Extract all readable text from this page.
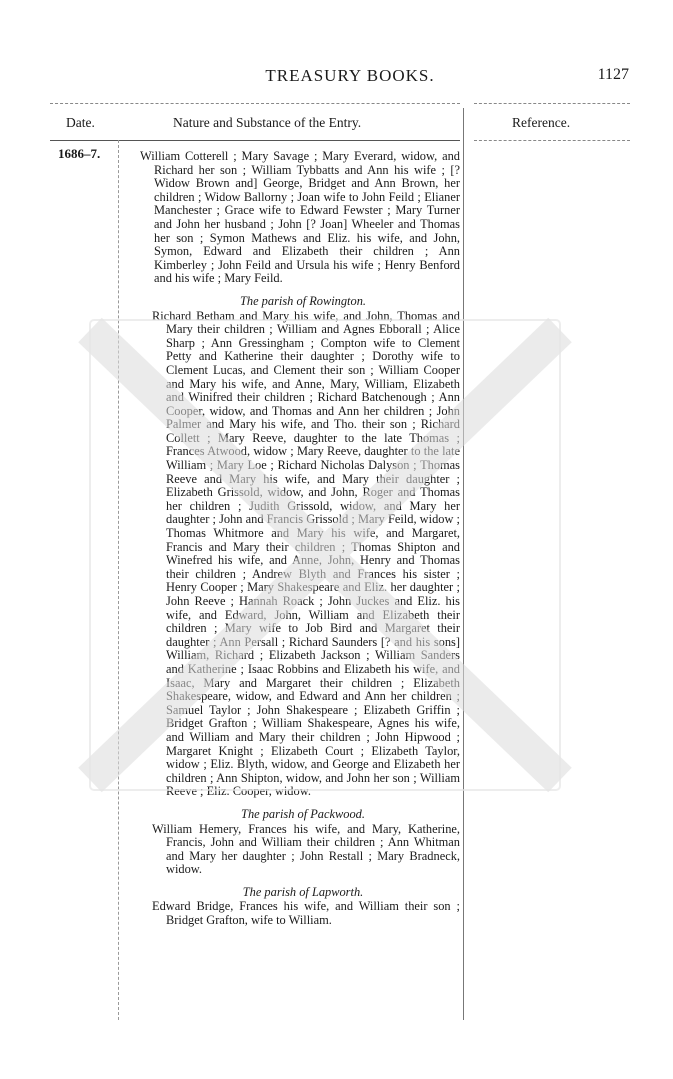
TREASURY BOOKS.	1127
Date.	Nature and Substance of the Entry.	Reference.
1686–7.	William Cotterell ; Mary Savage ; Mary Everard, widow, and Richard her son ; William Tybbatts and Ann his wife ; [? Widow Brown and] George, Bridget and Ann Brown, her children ; Widow Ballorny ; Joan wife to John Feild ; Elianer Manchester ; Grace wife to Edward Fewster ; Mary Turner and John her husband ; John [? Joan] Wheeler and Thomas her son ; Symon Mathews and Eliz. his wife, and John, Symon, Edward and Elizabeth their children ; Ann Kimberley ; John Feild and Ursula his wife ; Henry Benford and his wife ; Mary Feild.

The parish of Rowington.

Richard Betham and Mary his wife, and John, Thomas and Mary their children ; William and Agnes Ebborall ; Alice Sharp ; Ann Gressingham ; Compton wife to Clement Petty and Katherine their daughter ; Dorothy wife to Clement Lucas, and Clement their son ; William Cooper and Mary his wife, and Anne, Mary, William, Elizabeth and Winifred their children ; Richard Batchenough ; Ann Cooper, widow, and Thomas and Ann her children ; John Palmer and Mary his wife, and Tho. their son ; Richard Collett ; Mary Reeve, daughter to the late Thomas ; Frances Atwood, widow ; Mary Reeve, daughter to the late William ; Mary Loe ; Richard Nicholas Dalyson ; Thomas Reeve and Mary his wife, and Mary their daughter ; Elizabeth Grissold, widow, and John, Roger and Thomas her children ; Judith Grissold, widow, and Mary her daughter ; John and Francis Grissold ; Mary Feild, widow ; Thomas Whitmore and Mary his wife, and Margaret, Francis and Mary their children ; Thomas Shipton and Winefred his wife, and Anne, John, Henry and Thomas their children ; Andrew Blyth and Frances his sister ; Henry Cooper ; Mary Shakespeare and Eliz. her daughter ; John Reeve ; Hannah Roack ; John Juckes and Eliz. his wife, and Edward, John, William and Elizabeth their children ; Mary wife to Job Bird and Margaret their daughter ; Ann Persall ; Richard Saunders [? and his sons] William, Richard ; Elizabeth Jackson ; William Sanders and Katherine ; Isaac Robbins and Elizabeth his wife, and Isaac, Mary and Margaret their children ; Elizabeth Shakespeare, widow, and Edward and Ann her children ; Samuel Taylor ; John Shakespeare ; Elizabeth Griffin ; Bridget Grafton ; William Shakespeare, Agnes his wife, and William and Mary their children ; John Hipwood ; Margaret Knight ; Elizabeth Court ; Elizabeth Taylor, widow ; Eliz. Blyth, widow, and George and Elizabeth her children ; Ann Shipton, widow, and John her son ; William Reeve ; Eliz. Cooper, widow.

The parish of Packwood.

William Hemery, Frances his wife, and Mary, Katherine, Francis, John and William their children ; Ann Whitman and Mary her daughter ; John Restall ; Mary Bradneck, widow.

The parish of Lapworth.

Edward Bridge, Frances his wife, and William their son ; Bridget Grafton, wife to William.
